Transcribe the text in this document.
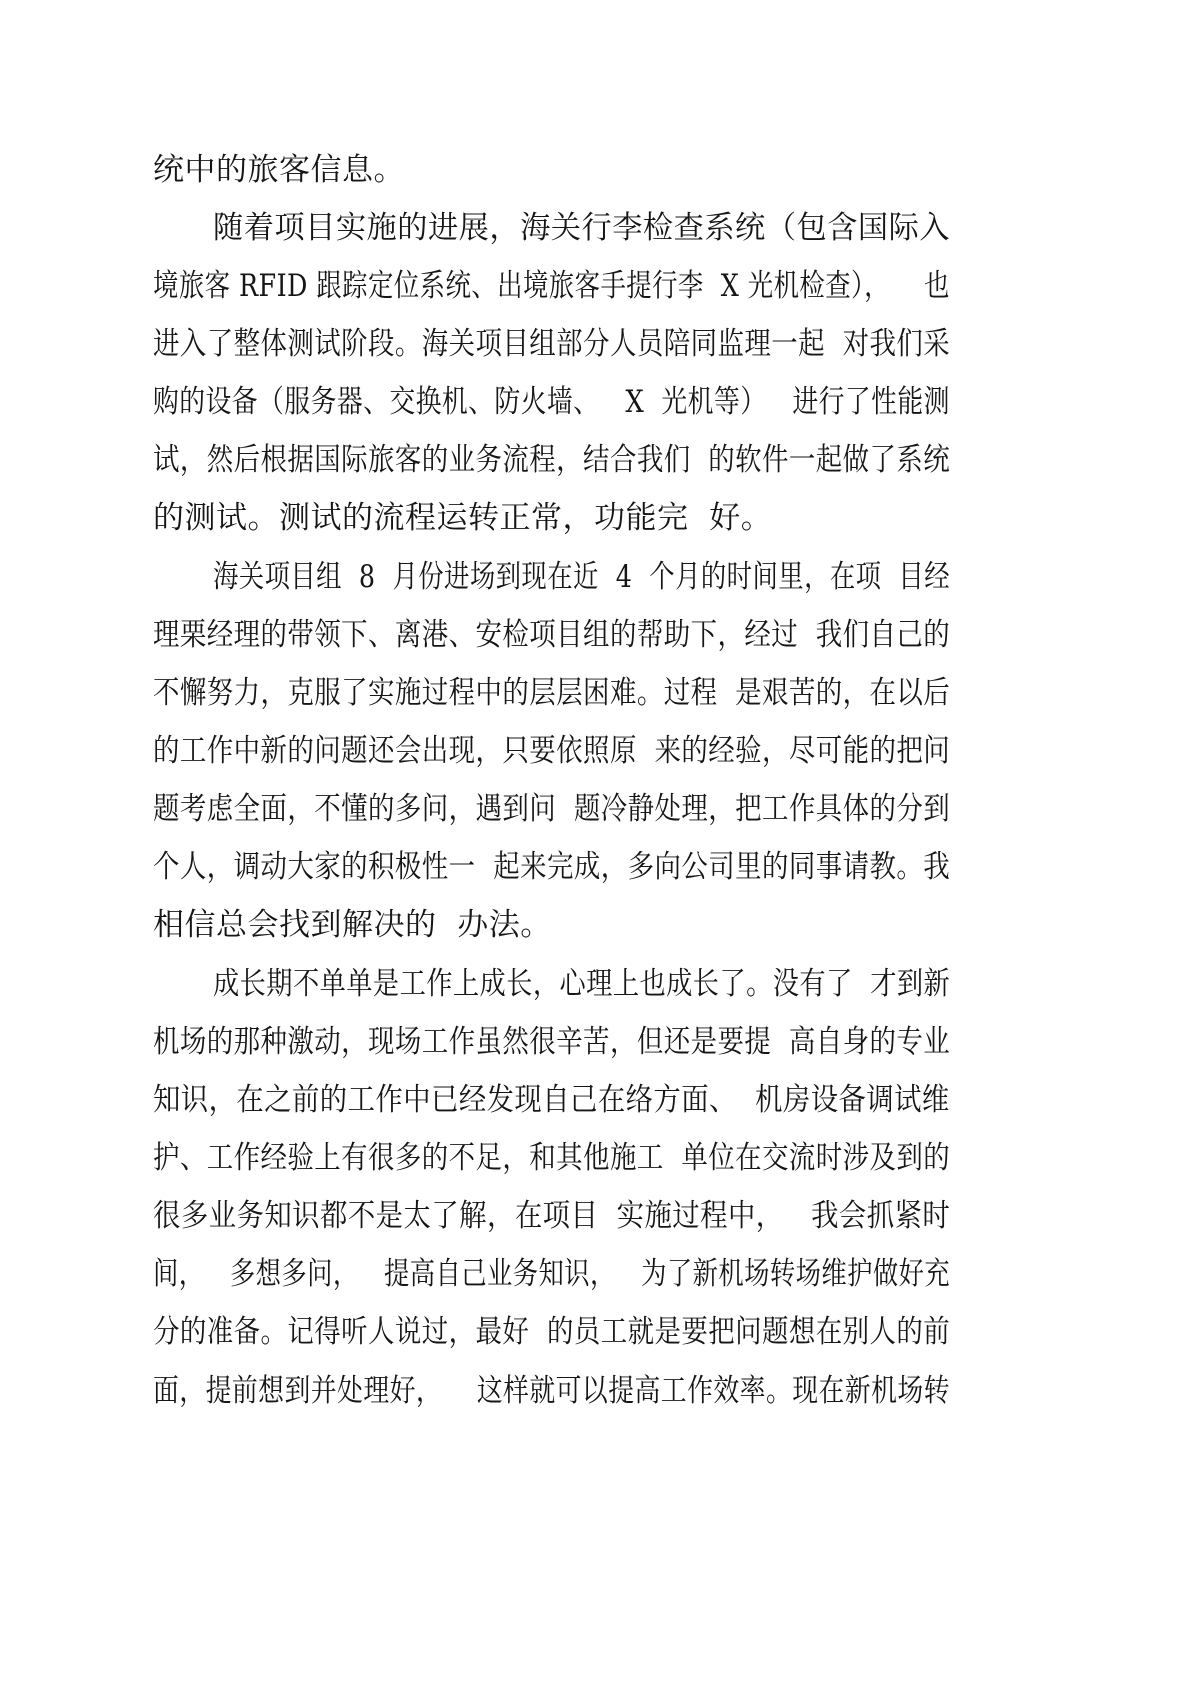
统中的旅客信息。
随着项目实施的进展，海关行李检查系统（包含国际入
境旅客 RFID 跟踪定位系统、出境旅客手提行李  X 光机检查），    也
进入了整体测试阶段。海关项目组部分人员陪同监理一起  对我们采
购的设备（服务器、交换机、防火墙、   X  光机等）   进行了性能测
试，然后根据国际旅客的业务流程，结合我们  的软件一起做了系统
的测试。测试的流程运转正常，功能完  好。
海关项目组  8  月份进场到现在近  4  个月的时间里，在项  目经
理栗经理的带领下、离港、安检项目组的帮助下，经过  我们自己的
不懈努力，克服了实施过程中的层层困难。过程  是艰苦的，在以后
的工作中新的问题还会出现，只要依照原  来的经验，尽可能的把问
题考虑全面，不懂的多问，遇到问  题冷静处理，把工作具体的分到
个人，调动大家的积极性一  起来完成，多向公司里的同事请教。我
相信总会找到解决的  办法。
成长期不单单是工作上成长，心理上也成长了。没有了  才到新
机场的那种激动，现场工作虽然很辛苦，但还是要提  高自身的专业
知识，在之前的工作中已经发现自己在络方面、  机房设备调试维
护、工作经验上有很多的不足，和其他施工  单位在交流时涉及到的
很多业务知识都不是太了解，在项目  实施过程中，   我会抓紧时
间，   多想多问，   提高自己业务知识，   为了新机场转场维护做好充
分的准备。记得听人说过，最好  的员工就是要把问题想在别人的前
面，提前想到并处理好，    这样就可以提高工作效率。现在新机场转
